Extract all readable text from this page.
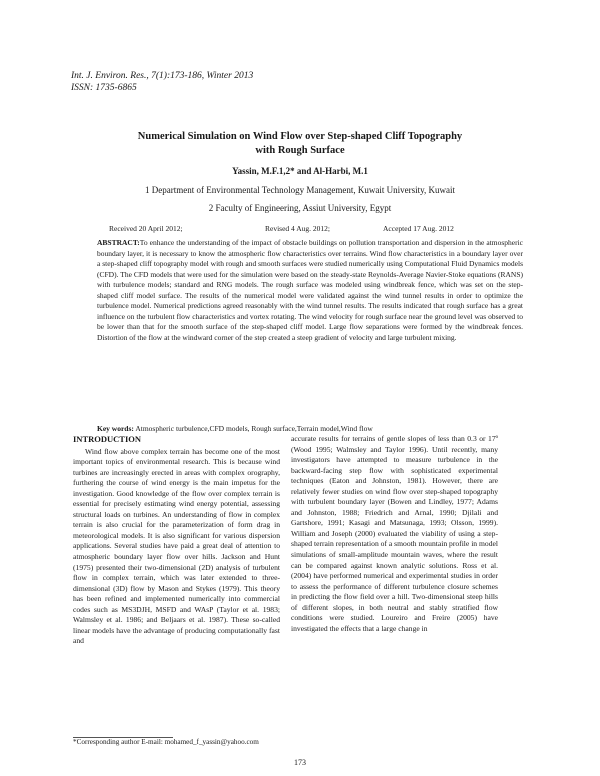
Int. J. Environ. Res., 7(1):173-186, Winter 2013
ISSN: 1735-6865
Numerical Simulation on Wind Flow over Step-shaped Cliff Topography
with Rough Surface
Yassin, M.F.1,2* and Al-Harbi, M.1
1 Department of Environmental Technology Management, Kuwait University, Kuwait
2 Faculty of Engineering, Assiut University, Egypt
Received 20 April 2012;	Revised 4 Aug. 2012;	Accepted 17 Aug. 2012
ABSTRACT:To enhance the understanding of the impact of obstacle buildings on pollution transportation and dispersion in the atmospheric boundary layer, it is necessary to know the atmospheric flow characteristics over terrains. Wind flow characteristics in a boundary layer over a step-shaped cliff topography model with rough and smooth surfaces were studied numerically using Computational Fluid Dynamics models (CFD). The CFD models that were used for the simulation were based on the steady-state Reynolds-Average Navier-Stoke equations (RANS) with turbulence models; standard and RNG models. The rough surface was modeled using windbreak fence, which was set on the step-shaped cliff model surface. The results of the numerical model were validated against the wind tunnel results in order to optimize the turbulence model. Numerical predictions agreed reasonably with the wind tunnel results. The results indicated that rough surface has a great influence on the turbulent flow characteristics and vortex rotating. The wind velocity for rough surface near the ground level was observed to be lower than that for the smooth surface of the step-shaped cliff model. Large flow separations were formed by the windbreak fences. Distortion of the flow at the windward corner of the step created a steep gradient of velocity and large turbulent mixing.
Key words: Atmospheric turbulence,CFD models, Rough surface,Terrain model,Wind flow
INTRODUCTION

Wind flow above complex terrain has become one of the most important topics of environmental research. This is because wind turbines are increasingly erected in areas with complex orography, furthering the course of wind energy is the main impetus for the investigation. Good knowledge of the flow over complex terrain is essential for precisely estimating wind energy potential, assessing structural loads on turbines. An understanding of flow in complex terrain is also crucial for the parameterization of form drag in meteorological models. It is also significant for various dispersion applications. Several studies have paid a great deal of attention to atmospheric boundary layer flow over hills. Jackson and Hunt (1975) presented their two-dimensional (2D) analysis of turbulent flow in complex terrain, which was later extended to three-dimensional (3D) flow by Mason and Stykes (1979). This theory has been refined and implemented numerically into commercial codes such as MS3DJH, MSFD and WAsP (Taylor et al. 1983; Walmsley et al. 1986; and Beljaars et al. 1987). These so-called linear models have the advantage of producing computationally fast and

accurate results for terrains of gentle slopes of less than 0.3 or 17º (Wood 1995; Walmsley and Taylor 1996). Until recently, many investigators have attempted to measure turbulence in the backward-facing step flow with sophisticated experimental techniques (Eaton and Johnston, 1981). However, there are relatively fewer studies on wind flow over step-shaped topography with turbulent boundary layer (Bowen and Lindley, 1977; Adams and Johnston, 1988; Friedrich and Arnal, 1990; Djilali and Gartshore, 1991; Kasagi and Matsunaga, 1993; Olsson, 1999). William and Joseph (2000) evaluated the viability of using a step-shaped terrain representation of a smooth mountain profile in model simulations of small-amplitude mountain waves, where the result can be compared against known analytic solutions. Ross et al. (2004) have performed numerical and experimental studies in order to assess the performance of different turbulence closure schemes in predicting the flow field over a hill. Two-dimensional steep hills of different slopes, in both neutral and stably stratified flow conditions were studied. Loureiro and Freire (2005) have investigated the effects that a large change in

*Corresponding author E-mail: mohamed_f_yassin@yahoo.com
173
